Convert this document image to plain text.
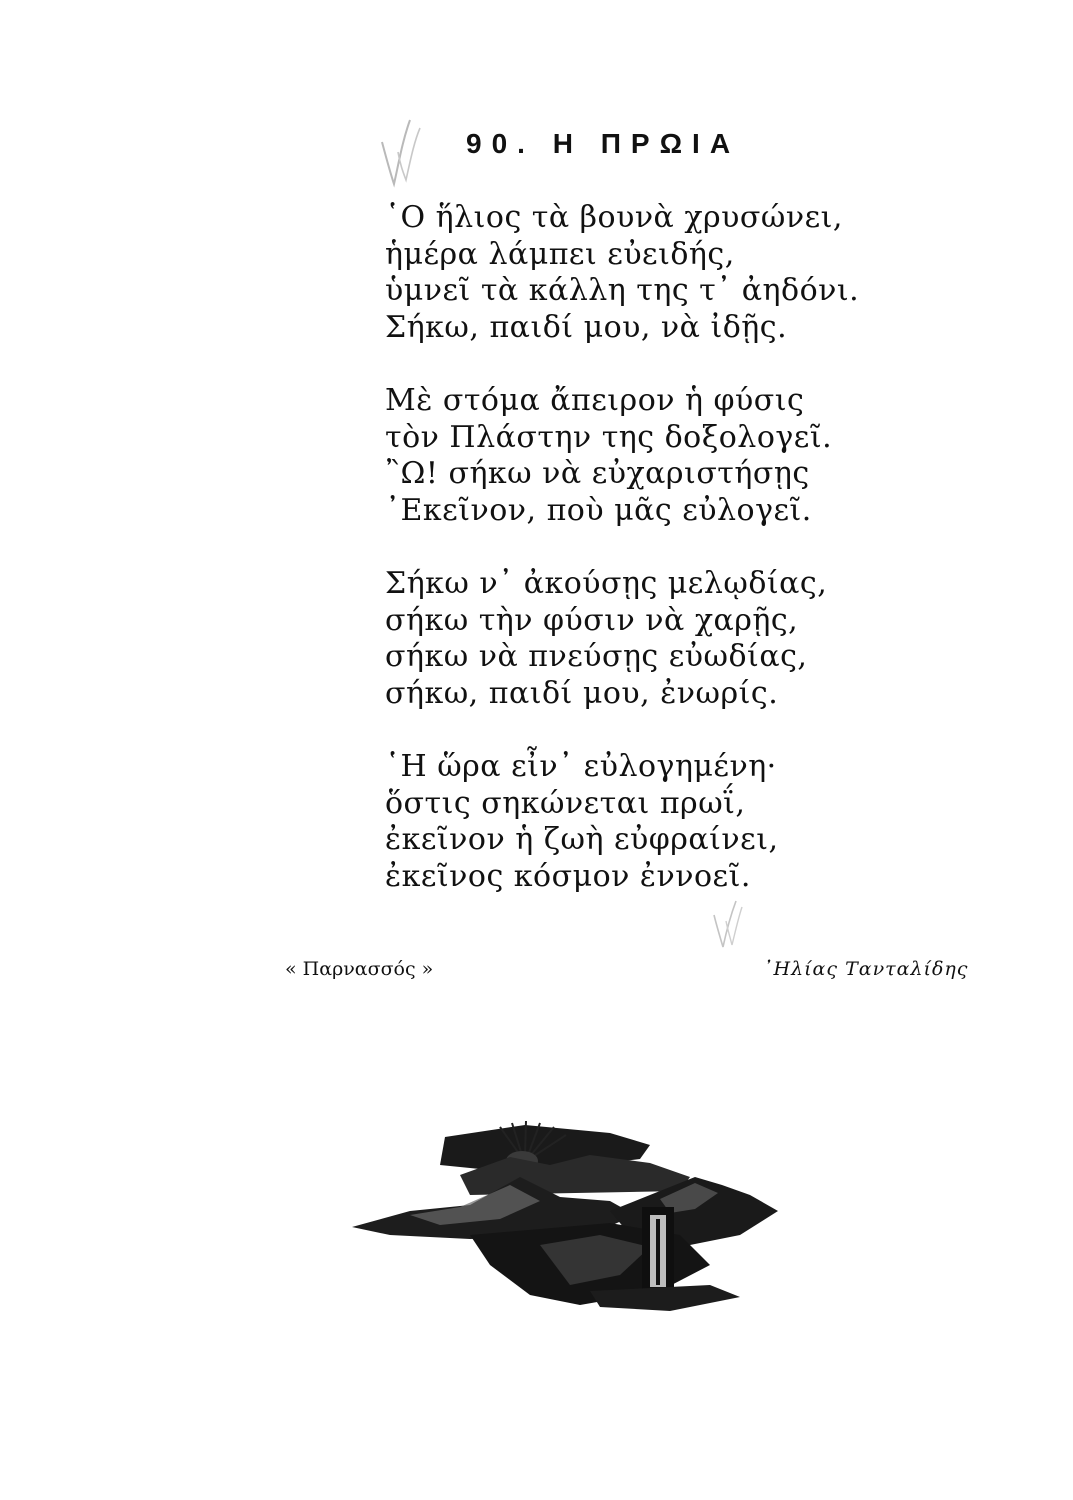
90. Η ΠΡΩΙΑ
῾Ο ἥλιος τὰ βουνὰ χρυσώνει,
ἡμέρα λάμπει εὐειδής,
ὑμνεῖ τὰ κάλλη της τ᾽ ἀηδόνι.
Σήκω, παιδί μου, νὰ ἰδῇς.
Μὲ στόμα ἄπειρον ἡ φύσις
τὸν Πλάστην της δοξολογεῖ.
῍Ω! σήκω νὰ εὐχαριστήσῃς
᾽Εκεῖνον, ποὺ μᾶς εὐλογεῖ.
Σήκω ν᾽ ἀκούσῃς μελῳδίας,
σήκω τὴν φύσιν νὰ χαρῇς,
σήκω νὰ πνεύσῃς εὐωδίας,
σήκω, παιδί μου, ἐνωρίς.
῾Η ὥρα εἶν᾽ εὐλογημένη·
ὅστις σηκώνεται πρωΐ,
ἐκεῖνον ἡ ζωὴ εὐφραίνει,
ἐκεῖνος κόσμον ἐννοεῖ.
« Παρνασσός »	᾽Ηλίας Τανταλίδης
